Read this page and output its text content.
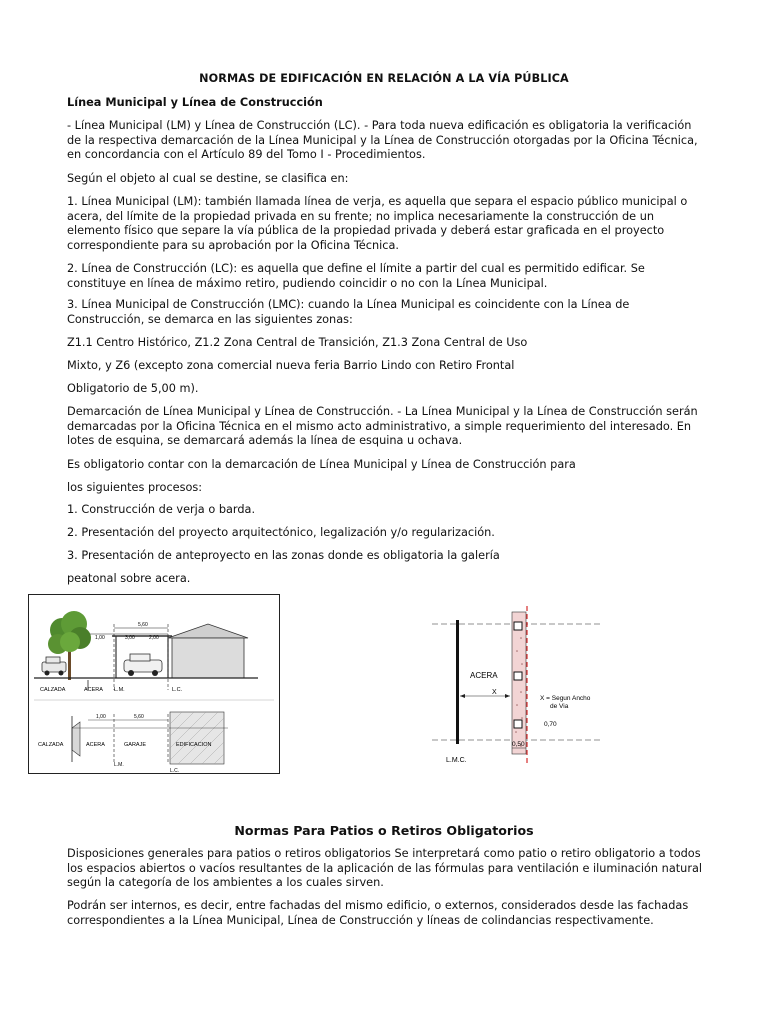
NORMAS DE EDIFICACIÓN EN RELACIÓN A LA VÍA PÚBLICA

Línea Municipal y Línea de Construcción

- Línea Municipal (LM) y Línea de Construcción (LC). - Para toda nueva edificación es obligatoria la verificación de la respectiva demarcación de la Línea Municipal y la Línea de Construcción otorgadas por la Oficina Técnica, en concordancia con el Artículo 89 del Tomo I - Procedimientos.

Según el objeto al cual se destine, se clasifica en:

1. Línea Municipal (LM): también llamada línea de verja, es aquella que separa el espacio público municipal o acera, del límite de la propiedad privada en su frente; no implica necesariamente la construcción de un elemento físico que separe la vía pública de la propiedad privada y deberá estar graficada en el proyecto correspondiente para su aprobación por la Oficina Técnica.

2. Línea de Construcción (LC): es aquella que define el límite a partir del cual es permitido edificar. Se constituye en línea de máximo retiro, pudiendo coincidir o no con la Línea Municipal.

3. Línea Municipal de Construcción (LMC): cuando la Línea Municipal es coincidente con la Línea de Construcción, se demarca en las siguientes zonas:

Z1.1 Centro Histórico, Z1.2 Zona Central de Transición, Z1.3 Zona Central de Uso

Mixto, y Z6 (excepto zona comercial nueva feria Barrio Lindo con Retiro Frontal

Obligatorio de 5,00 m).

Demarcación de Línea Municipal y Línea de Construcción. - La Línea Municipal y la Línea de Construcción serán demarcadas por la Oficina Técnica en el mismo acto administrativo, a simple requerimiento del interesado. En lotes de esquina, se demarcará además la línea de esquina u ochava.

Es obligatorio contar con la demarcación de Línea Municipal y Línea de Construcción para

los siguientes procesos:

1. Construcción de verja o barda.

2. Presentación del proyecto arquitectónico, legalización y/o regularización.

3. Presentación de anteproyecto en las zonas donde es obligatoria la galería

peatonal sobre acera.

1,00	3,00	2,00
5,60
CALZADA	ACERA L.M.	L.C.
1,00	5,60
CALZADA	ACERA	GARAJE	EDIFICACION
L.M.
L.C.
ACERA
X
X = Segun Ancho
de Via
0,70
0,50
L.M.C.
Normas Para Patios o Retiros Obligatorios

Disposiciones generales para patios o retiros obligatorios Se interpretará como patio o retiro obligatorio a todos los espacios abiertos o vacíos resultantes de la aplicación de las fórmulas para ventilación e iluminación natural según la categoría de los ambientes a los cuales sirven.

Podrán ser internos, es decir, entre fachadas del mismo edificio, o externos, considerados desde las fachadas correspondientes a la Línea Municipal, Línea de Construcción y líneas de colindancias respectivamente.
